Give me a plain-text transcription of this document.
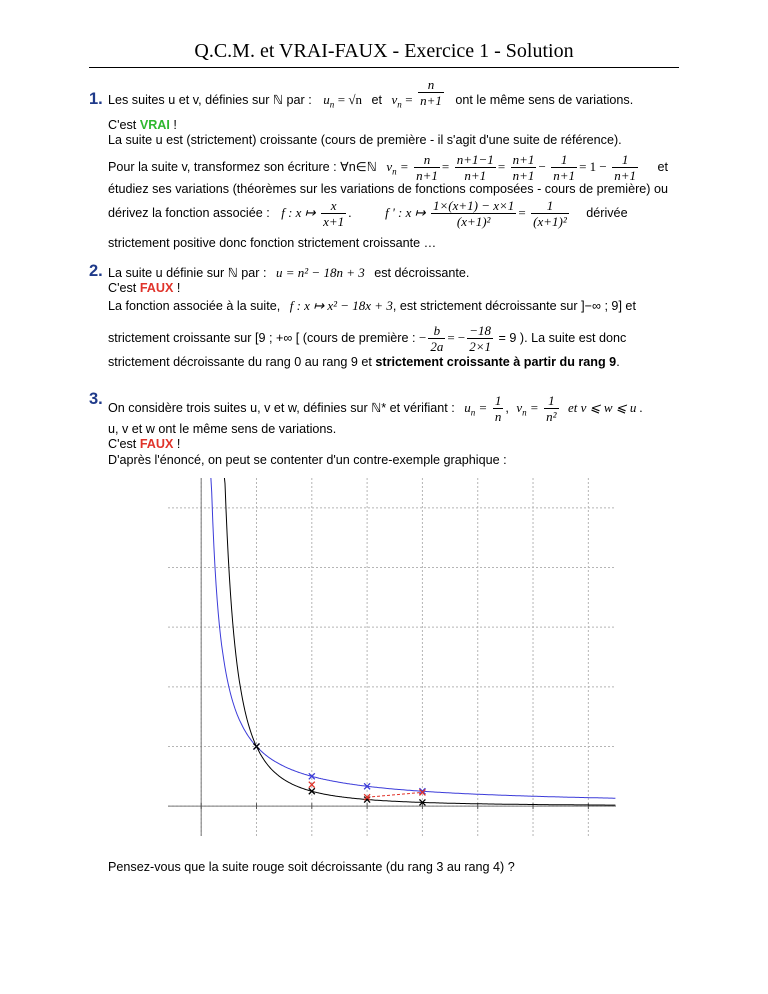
Q.C.M. et VRAI-FAUX - Exercice 1 - Solution
1. Les suites u et v, définies sur ℕ par : $u_n = √n$ et $v_n = \frac{n}{n+1}$ ont le même sens de variations.
C'est VRAI !
La suite u est (strictement) croissante (cours de première - il s'agit d'une suite de référence).
Pour la suite v, transformez son écriture : ∀n∈ℕ $v_n = \frac{n}{n+1} = \frac{n+1-1}{n+1} = \frac{n+1}{n+1} - \frac{1}{n+1} = 1 - \frac{1}{n+1}$ et
étudiez ses variations (théorèmes sur les variations de fonctions composées - cours de première) ou
dérivez la fonction associée : f : x ↦ $\frac{x}{x+1}$ .	f ' : x ↦ $\frac{1\times(x+1) - x\times 1}{\text{(x+1)²}} = \frac{1}{\text{(x+1)²}}$ dérivée
strictement positive donc fonction strictement croissante …
2. La suite u définie sur ℕ par : u = n² − 18n + 3 est décroissante.
C'est FAUX !
La fonction associée à la suite, f : x ↦ x² − 18x + 3, est strictement décroissante sur ]−∞ ; 9] et
strictement croissante sur [9 ; +∞ [ (cours de première : − $\frac{b}{2a}$ = − $\frac{-18}{2\times 1} = 9$ ). La suite est donc
strictement décroissante du rang 0 au rang 9 et strictement croissante à partir du rang 9.
3. On considère trois suites u, v et w, définies sur ℕ* et vérifiant : $u_n = \frac{1}{n}$ , $v_n = \frac{1}{\text{n²}}$ et v ⩽ w ⩽ u .
u, v et w ont le même sens de variations.
C'est FAUX !
D'après l'énoncé, on peut se contenter d'un contre-exemple graphique :
Pensez-vous que la suite rouge soit décroissante (du rang 3 au rang 4) ?
